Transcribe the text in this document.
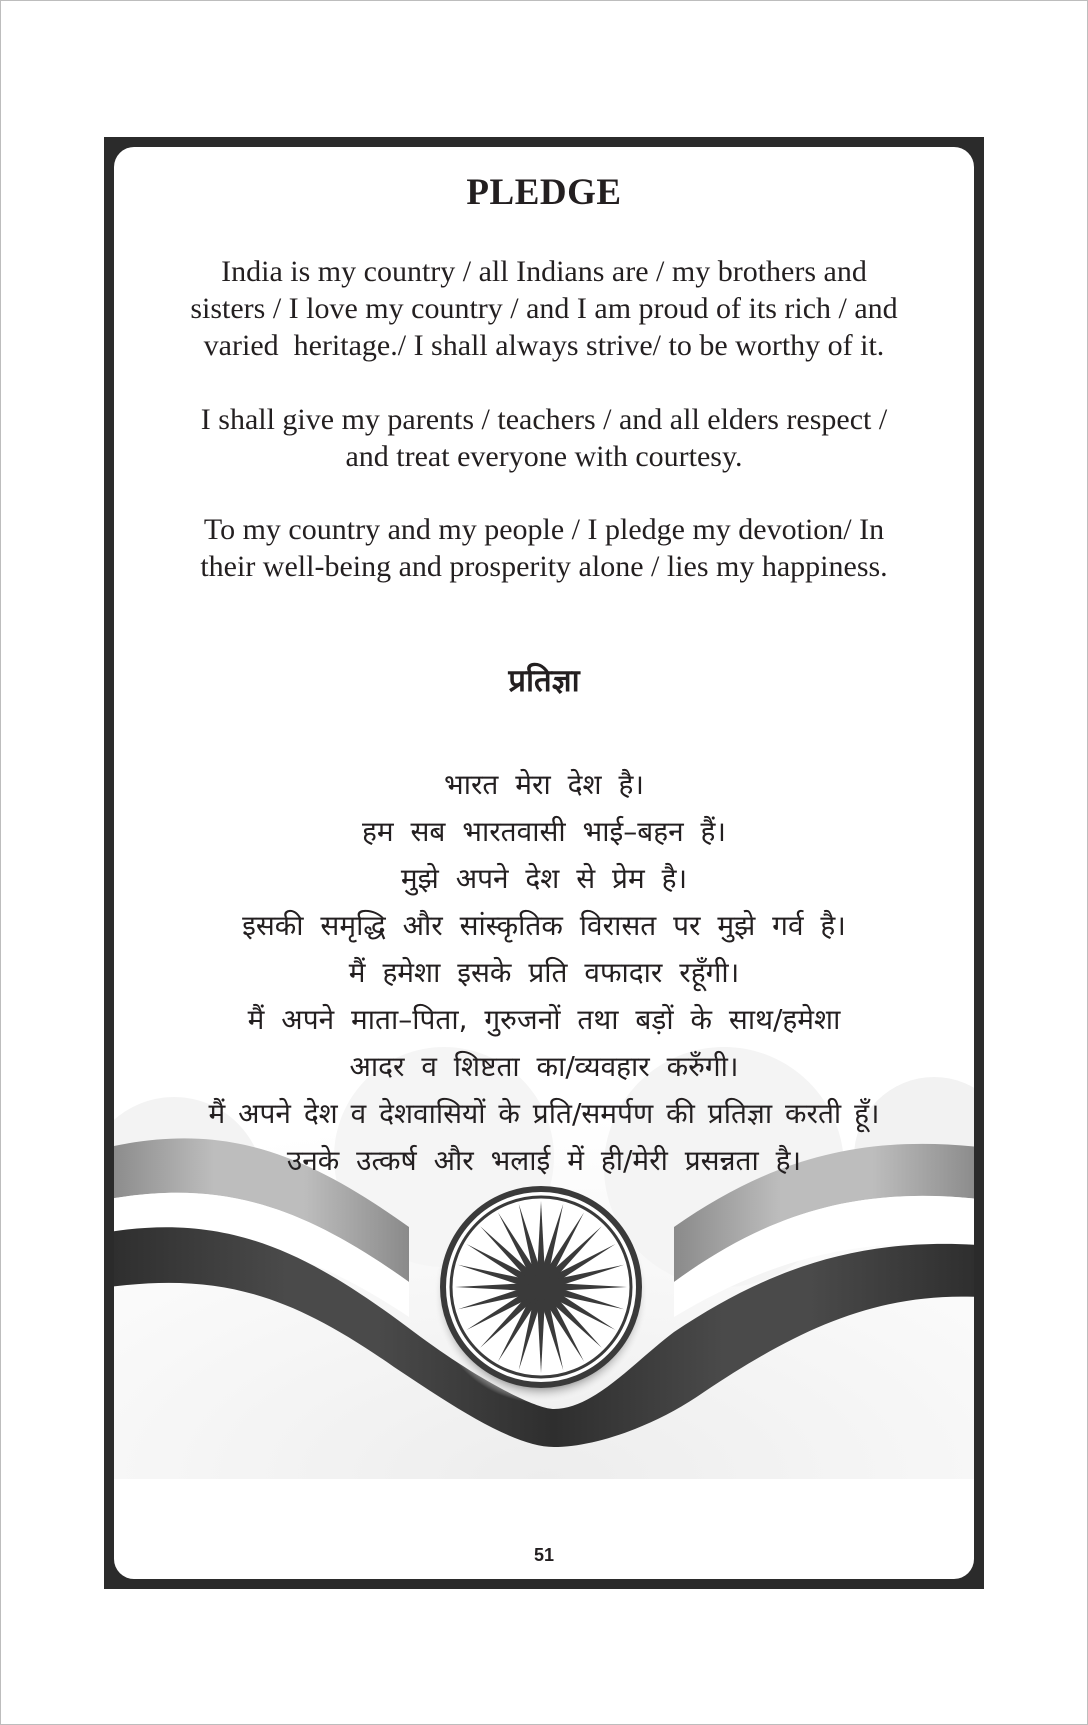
PLEDGE

India is my country / all Indians are / my brothers and
sisters / I love my country / and I am proud of its rich / and
varied  heritage./ I shall always strive/ to be worthy of it.

I shall give my parents / teachers / and all elders respect /
and treat everyone with courtesy.

To my country and my people / I pledge my devotion/ In
their well-being and prosperity alone / lies my happiness.

प्रतिज्ञा

भारत मेरा देश है।
हम सब भारतवासी भाई–बहन हैं।
मुझे अपने देश से प्रेम है।
इसकी समृद्धि और सांस्कृतिक विरासत पर मुझे गर्व है।
मैं हमेशा इसके प्रति वफादार रहूँगी।
मैं अपने माता–पिता, गुरुजनों तथा बड़ों के साथ/हमेशा
आदर व शिष्टता का/व्यवहार करुँगी।
मैं अपने देश व देशवासियों के प्रति/समर्पण की प्रतिज्ञा करती हूँ।
उनके उत्कर्ष और भलाई में ही/मेरी प्रसन्नता है।

51
